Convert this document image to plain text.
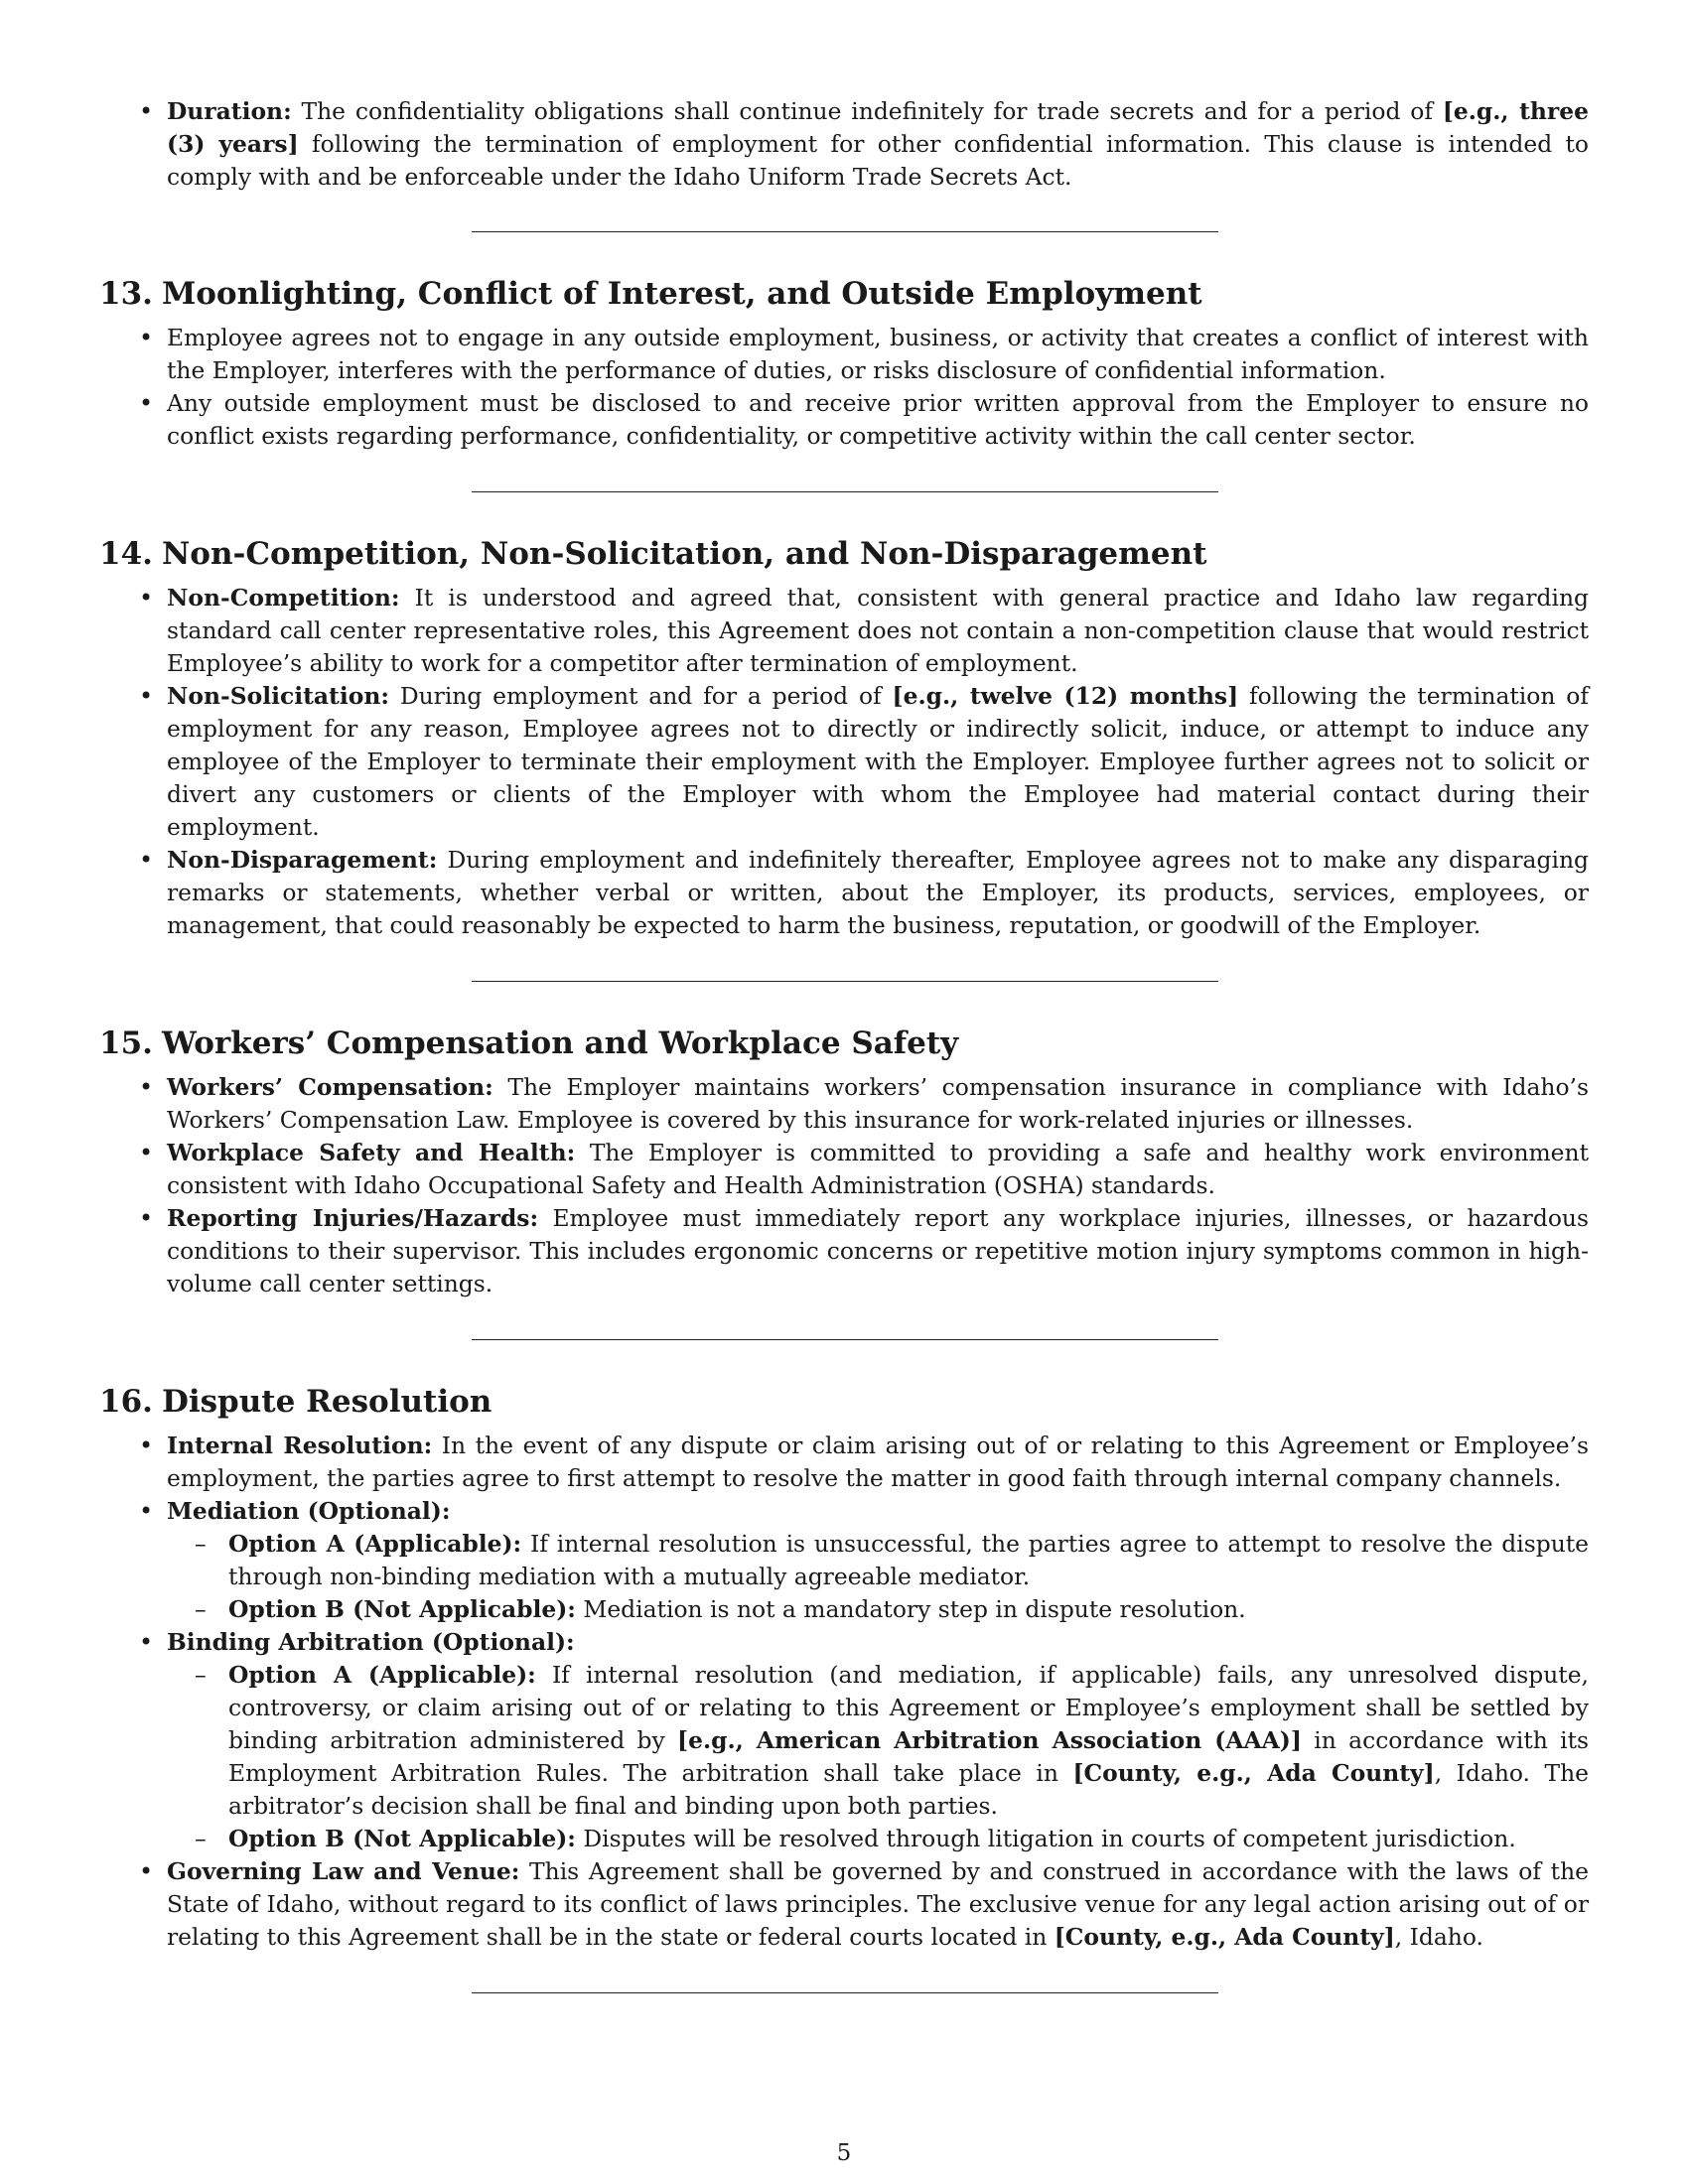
• Duration: The confidentiality obligations shall continue indefinitely for trade secrets and for a period of [e.g., three (3) years] following the termination of employment for other confidential information. This clause is intended to comply with and be enforceable under the Idaho Uniform Trade Secrets Act.
13. Moonlighting, Conflict of Interest, and Outside Employment
• Employee agrees not to engage in any outside employment, business, or activity that creates a conflict of interest with the Employer, interferes with the performance of duties, or risks disclosure of confidential information.
• Any outside employment must be disclosed to and receive prior written approval from the Employer to ensure no conflict exists regarding performance, confidentiality, or competitive activity within the call center sector.
14. Non-Competition, Non-Solicitation, and Non-Disparagement
• Non-Competition: It is understood and agreed that, consistent with general practice and Idaho law regarding standard call center representative roles, this Agreement does not contain a non-competition clause that would restrict Employee’s ability to work for a competitor after termination of employment.
• Non-Solicitation: During employment and for a period of [e.g., twelve (12) months] following the termination of employment for any reason, Employee agrees not to directly or indirectly solicit, induce, or attempt to induce any employee of the Employer to terminate their employment with the Employer. Employee further agrees not to solicit or divert any customers or clients of the Employer with whom the Employee had material contact during their employment.
• Non-Disparagement: During employment and indefinitely thereafter, Employee agrees not to make any disparaging remarks or statements, whether verbal or written, about the Employer, its products, services, employees, or management, that could reasonably be expected to harm the business, reputation, or goodwill of the Employer.
15. Workers’ Compensation and Workplace Safety
• Workers’ Compensation: The Employer maintains workers’ compensation insurance in compliance with Idaho’s Workers’ Compensation Law. Employee is covered by this insurance for work-related injuries or illnesses.
• Workplace Safety and Health: The Employer is committed to providing a safe and healthy work environment consistent with Idaho Occupational Safety and Health Administration (OSHA) standards.
• Reporting Injuries/Hazards: Employee must immediately report any workplace injuries, illnesses, or hazardous conditions to their supervisor. This includes ergonomic concerns or repetitive motion injury symptoms common in high-volume call center settings.
16. Dispute Resolution
• Internal Resolution: In the event of any dispute or claim arising out of or relating to this Agreement or Employee’s employment, the parties agree to first attempt to resolve the matter in good faith through internal company channels.
• Mediation (Optional):
– Option A (Applicable): If internal resolution is unsuccessful, the parties agree to attempt to resolve the dispute through non-binding mediation with a mutually agreeable mediator.
– Option B (Not Applicable): Mediation is not a mandatory step in dispute resolution.
• Binding Arbitration (Optional):
– Option A (Applicable): If internal resolution (and mediation, if applicable) fails, any unresolved dispute, controversy, or claim arising out of or relating to this Agreement or Employee’s employment shall be settled by binding arbitration administered by [e.g., American Arbitration Association (AAA)] in accordance with its Employment Arbitration Rules. The arbitration shall take place in [County, e.g., Ada County], Idaho. The arbitrator’s decision shall be final and binding upon both parties.
– Option B (Not Applicable): Disputes will be resolved through litigation in courts of competent jurisdiction.
• Governing Law and Venue: This Agreement shall be governed by and construed in accordance with the laws of the State of Idaho, without regard to its conflict of laws principles. The exclusive venue for any legal action arising out of or relating to this Agreement shall be in the state or federal courts located in [County, e.g., Ada County], Idaho.
5
